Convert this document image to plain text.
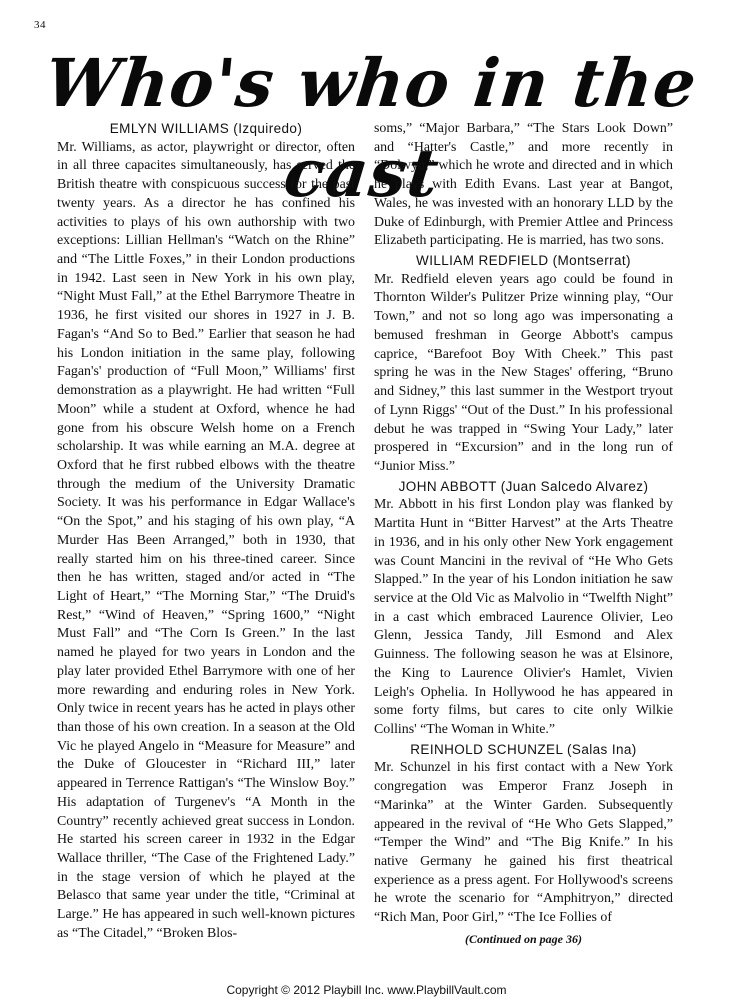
34
Who's who in the cast

EMLYN WILLIAMS (Izquiredo)

Mr. Williams, as actor, playwright or director, often in all three capacites simultaneously, has served the British theatre with conspicuous success for the past twenty years. As a director he has confined his activities to plays of his own authorship with two exceptions: Lillian Hellman's “Watch on the Rhine” and “The Little Foxes,” in their London productions in 1942. Last seen in New York in his own play, “Night Must Fall,” at the Ethel Barrymore Theatre in 1936, he first visited our shores in 1927 in J. B. Fagan's “And So to Bed.” Earlier that season he had his London initiation in the same play, following Fagan's' production of “Full Moon,” Williams' first demonstration as a playwright. He had written “Full Moon” while a student at Oxford, whence he had gone from his obscure Welsh home on a French scholarship. It was while earning an M.A. degree at Oxford that he first rubbed elbows with the theatre through the medium of the University Dramatic Society. It was his performance in Edgar Wallace's “On the Spot,” and his staging of his own play, “A Murder Has Been Arranged,” both in 1930, that really started him on his three-tined career. Since then he has written, staged and/or acted in “The Light of Heart,” “The Morning Star,” “The Druid's Rest,” “Wind of Heaven,” “Spring 1600,” “Night Must Fall” and “The Corn Is Green.” In the last named he played for two years in London and the play later provided Ethel Barrymore with one of her more rewarding and enduring roles in New York. Only twice in recent years has he acted in plays other than those of his own creation. In a season at the Old Vic he played Angelo in “Measure for Measure” and the Duke of Gloucester in “Richard III,” later appeared in Terrence Rattigan's “The Winslow Boy.” His adaptation of Turgenev's “A Month in the Country” recently achieved great success in London. He started his screen career in 1932 in the Edgar Wallace thriller, “The Case of the Frightened Lady.” in the stage version of which he played at the Belasco that same year under the title, “Criminal at Large.” He has appeared in such well-known pictures as “The Citadel,” “Broken Blos-

soms,” “Major Barbara,” “The Stars Look Down” and “Hatter's Castle,” and more recently in “Dolwyn,” which he wrote and directed and in which he plays with Edith Evans. Last year at Bangot, Wales, he was invested with an honorary LLD by the Duke of Edinburgh, with Premier Attlee and Princess Elizabeth participating. He is married, has two sons.

WILLIAM REDFIELD (Montserrat)

Mr. Redfield eleven years ago could be found in Thornton Wilder's Pulitzer Prize winning play, “Our Town,” and not so long ago was impersonating a bemused freshman in George Abbott's campus caprice, “Barefoot Boy With Cheek.” This past spring he was in the New Stages' offering, “Bruno and Sidney,” this last summer in the Westport tryout of Lynn Riggs' “Out of the Dust.” In his professional debut he was trapped in “Swing Your Lady,” later prospered in “Excursion” and in the long run of “Junior Miss.”

JOHN ABBOTT (Juan Salcedo Alvarez)

Mr. Abbott in his first London play was flanked by Martita Hunt in “Bitter Harvest” at the Arts Theatre in 1936, and in his only other New York engagement was Count Mancini in the revival of “He Who Gets Slapped.” In the year of his London initiation he saw service at the Old Vic as Malvolio in “Twelfth Night” in a cast which embraced Laurence Olivier, Leo Glenn, Jessica Tandy, Jill Esmond and Alex Guinness. The following season he was at Elsinore, the King to Laurence Olivier's Hamlet, Vivien Leigh's Ophelia. In Hollywood he has appeared in some forty films, but cares to cite only Wilkie Collins' “The Woman in White.”

REINHOLD SCHUNZEL (Salas Ina)

Mr. Schunzel in his first contact with a New York congregation was Emperor Franz Joseph in “Marinka” at the Winter Garden. Subsequently appeared in the revival of “He Who Gets Slapped,” “Temper the Wind” and “The Big Knife.” In his native Germany he gained his first theatrical experience as a press agent. For Hollywood's screens he wrote the scenario for “Amphitryon,” directed “Rich Man, Poor Girl,” “The Ice Follies of

(Continued on page 36)

Copyright © 2012 Playbill Inc. www.PlaybillVault.com
